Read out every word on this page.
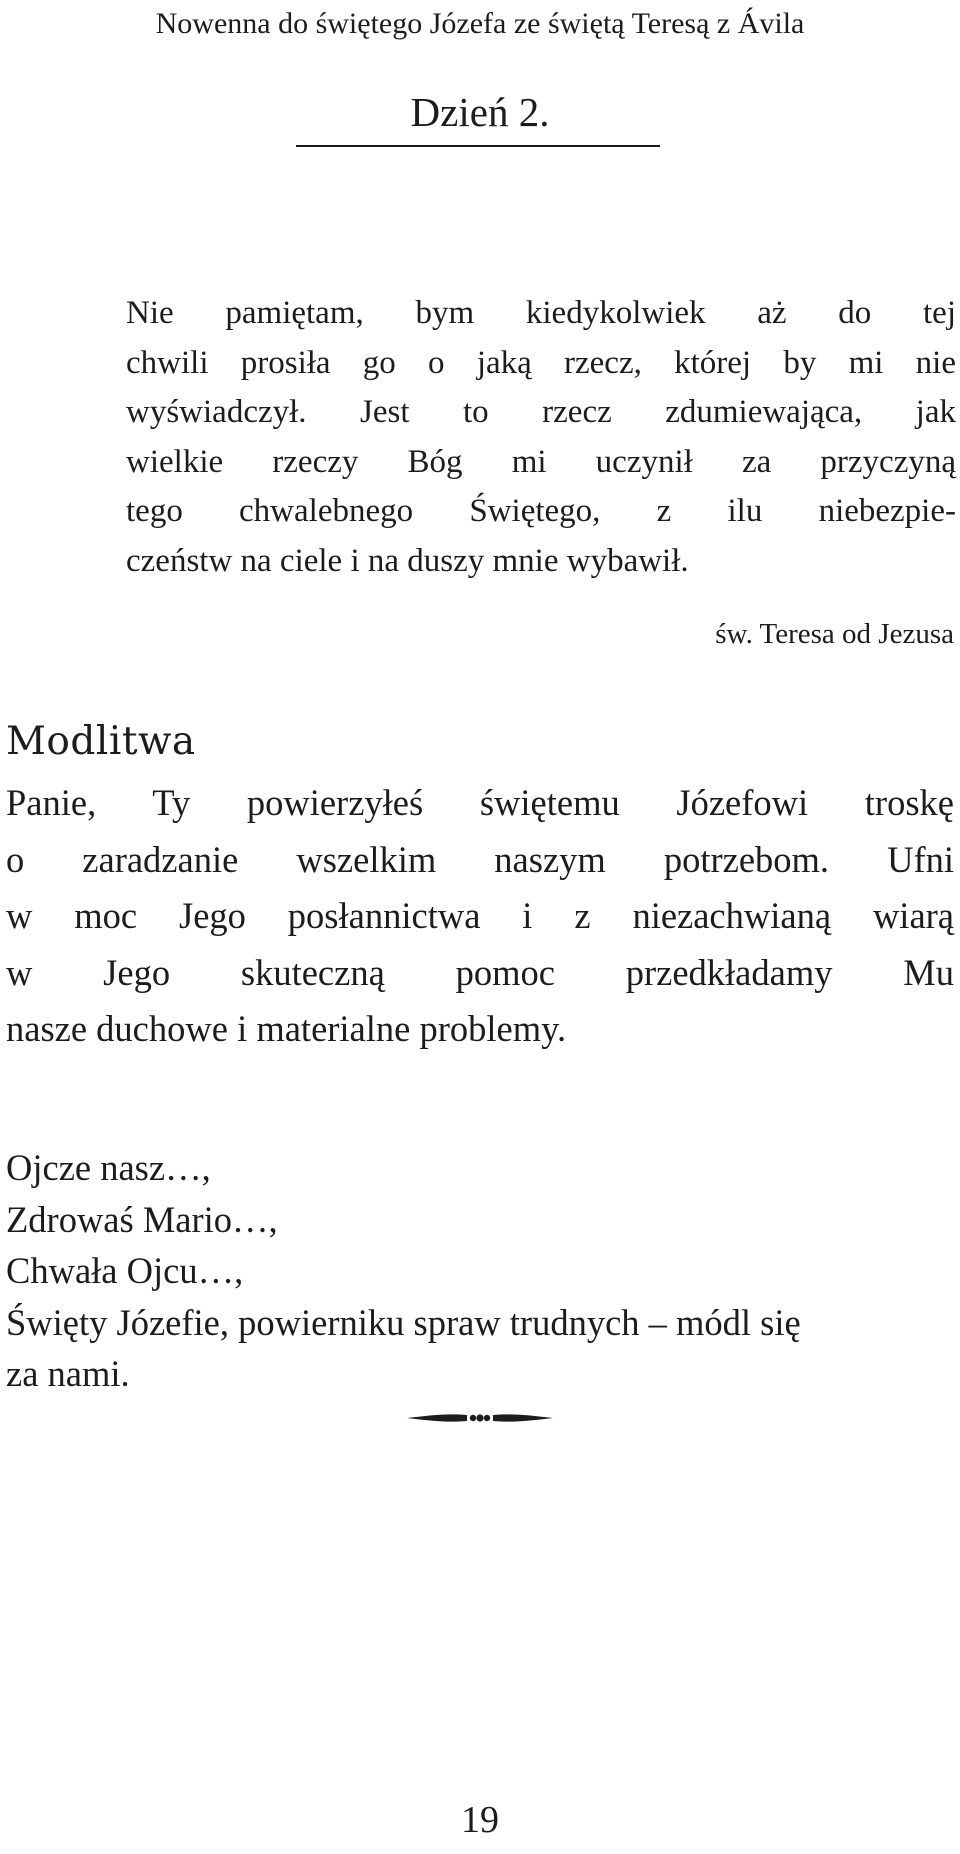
Nowenna do świętego Józefa ze świętą Teresą z Ávila
Dzień 2.
Nie pamiętam, bym kiedykolwiek aż do tej
chwili prosiła go o jaką rzecz, której by mi nie
wyświadczył. Jest to rzecz zdumiewająca, jak
wielkie rzeczy Bóg mi uczynił za przyczyną
tego chwalebnego Świętego, z ilu niebezpie-
czeństw na ciele i na duszy mnie wybawił.
św. Teresa od Jezusa
Modlitwa
Panie, Ty powierzyłeś świętemu Józefowi troskę
o zaradzanie wszelkim naszym potrzebom. Ufni
w moc Jego posłannictwa i z niezachwianą wiarą
w Jego skuteczną pomoc przedkładamy Mu
nasze duchowe i materialne problemy.
Ojcze nasz…,
Zdrowaś Mario…,
Chwała Ojcu…,
Święty Józefie, powierniku spraw trudnych – módl się
za nami.
19
